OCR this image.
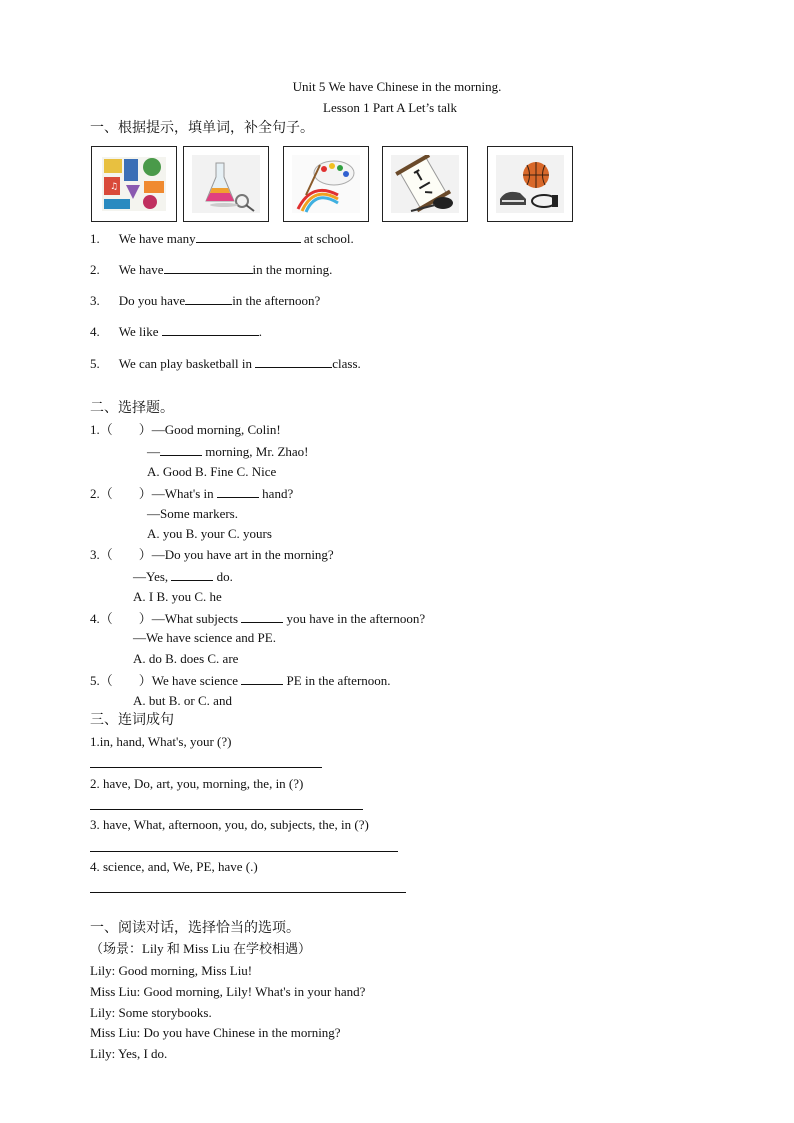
Unit 5 We have Chinese in the morning.
Lesson 1 Part A Let’s talk
一、根据提示，填单词，补全句子。
♫
1. We have many	at school.
2. We have	in the morning.
3. Do you have	in the afternoon?
4. We like	.
5. We can play basketball in	class.
二、选择题。
1.（　　）—Good morning, Colin!
—	morning, Mr. Zhao!
A. Good B. Fine C. Nice
2.（　　）—What's in	hand?
—Some markers.
A. you B. your C. yours
3.（　　）—Do you have art in the morning?
—Yes,	do.
A. I B. you C. he
4.（　　）—What subjects	you have in the afternoon?
—We have science and PE.
A. do B. does C. are
5.（　　）We have science	PE in the afternoon.
A. but B. or C. and
三、连词成句
1.in, hand, What's, your (?)
2. have, Do, art, you, morning, the, in (?)
3. have, What, afternoon, you, do, subjects, the, in (?)
4. science, and, We, PE, have (.)
一、阅读对话，选择恰当的选项。
（场景：Lily 和 Miss Liu 在学校相遇）
Lily: Good morning, Miss Liu!
Miss Liu: Good morning, Lily! What's in your hand?
Lily: Some storybooks.
Miss Liu: Do you have Chinese in the morning?
Lily: Yes, I do.
